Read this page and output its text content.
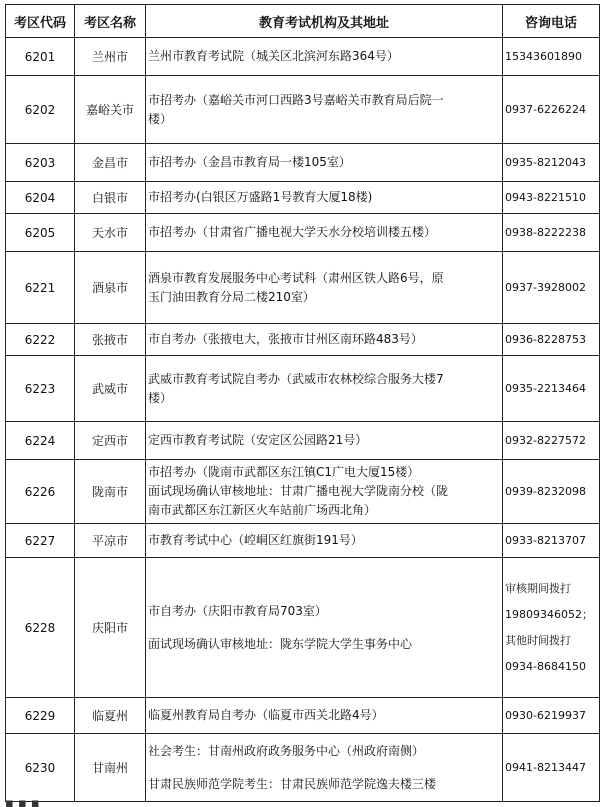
考区代码	考区名称	教育考试机构及其地址	咨询电话
6201	兰州市	兰州市教育考试院（城关区北滨河东路364号）	15343601890

6202	嘉峪关市	市招考办（嘉峪关市河口西路3号嘉峪关市教育局后院一
楼）	0937-6226224

6203	金昌市	市招考办（金昌市教育局一楼105室）	0935-8212043

6204	白银市	市招考办(白银区万盛路1号教育大厦18楼)	0943-8221510

6205	天水市	市招考办（甘肃省广播电视大学天水分校培训楼五楼）	0938-8222238

6221	酒泉市	酒泉市教育发展服务中心考试科（肃州区铁人路6号，原
玉门油田教育分局二楼210室）	0937-3928002

6222	张掖市	市自考办（张掖电大，张掖市甘州区南环路483号）	0936-8228753

6223	武威市	武威市教育考试院自考办（武威市农林校综合服务大楼7
楼）	0935-2213464

6224	定西市	定西市教育考试院（安定区公园路21号）	0932-8227572

6226	陇南市	市招考办（陇南市武都区东江镇C1广电大厦15楼）
面试现场确认审核地址：甘肃广播电视大学陇南分校（陇
南市武都区东江新区火车站前广场西北角）	0939-8232098

6227	平凉市	市教育考试中心（崆峒区红旗街191号）	0933-8213707

6228	庆阳市	市自考办（庆阳市教育局703室）
面试现场确认审核地址：陇东学院大学生事务中心	审核期间拨打
19809346052；
其他时间拨打
0934-8684150

6229	临夏州	临夏州教育局自考办（临夏市西关北路4号）	0930-6219937

6230	甘南州	社会考生：甘南州政府政务服务中心（州政府南侧）
甘肃民族师范学院考生：甘肃民族师范学院逸夫楼三楼	0941-8213447
▪ ▪ ▪
